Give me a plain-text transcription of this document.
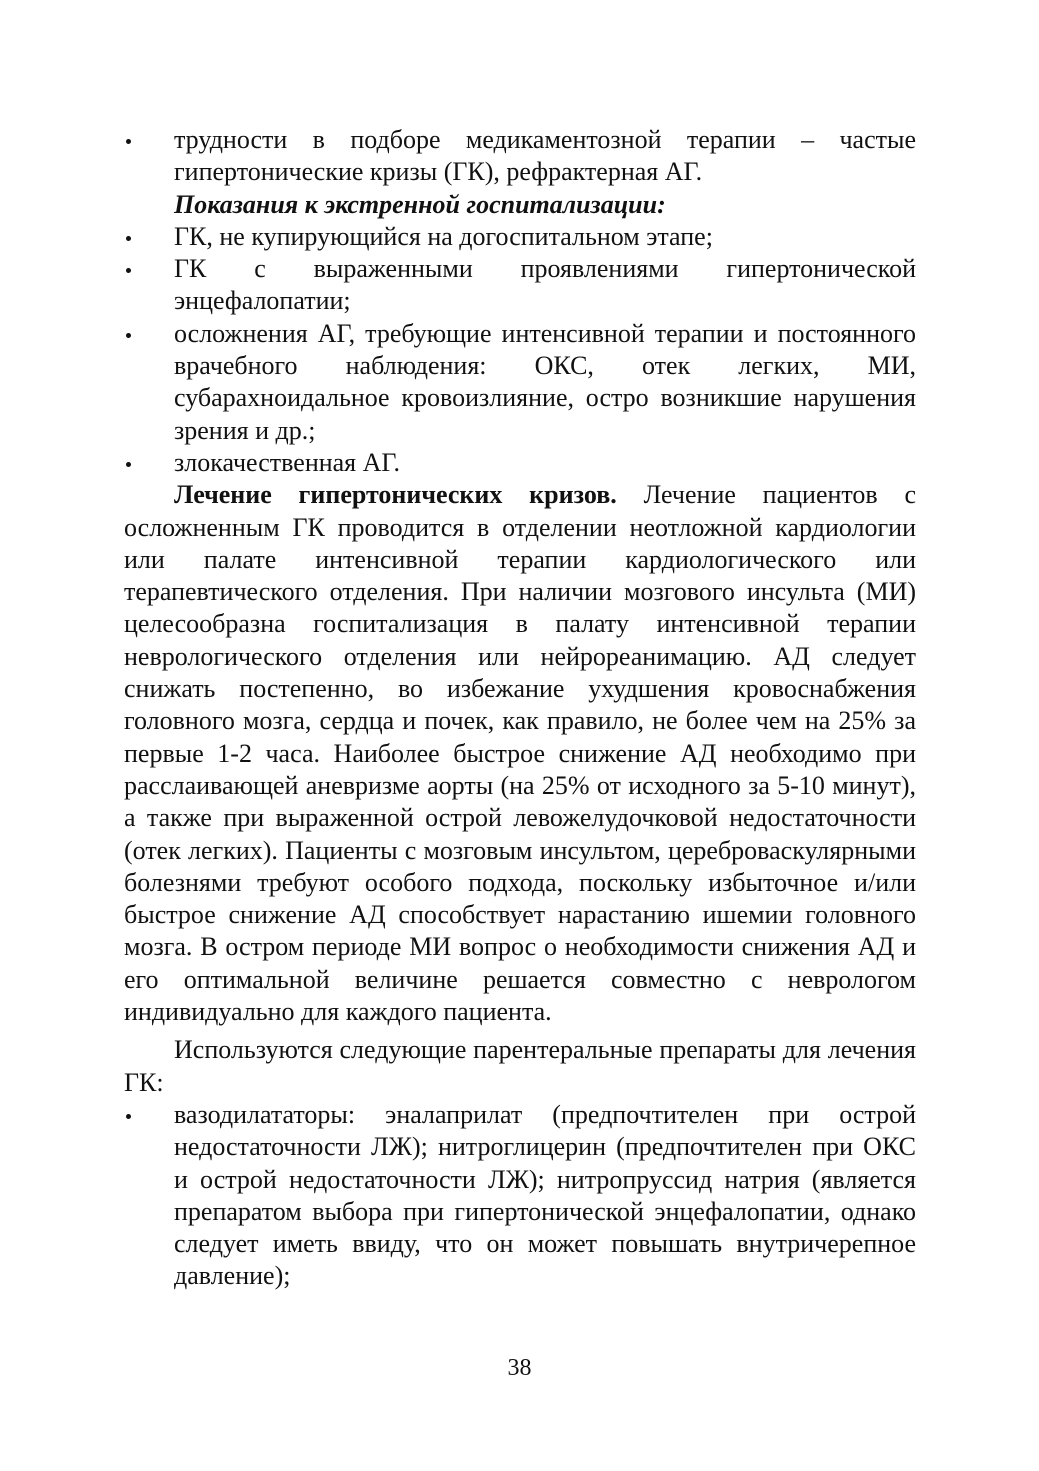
трудности в подборе медикаментозной терапии – частые гипертонические кризы (ГК), рефрактерная АГ.
Показания к экстренной госпитализации:
ГК, не купирующийся на догоспитальном этапе;
ГК с выраженными проявлениями гипертонической энцефалопатии;
осложнения АГ, требующие интенсивной терапии и постоянного врачебного наблюдения: ОКС, отек легких, МИ, субарахноидальное кровоизлияние, остро возникшие нарушения зрения и др.;
злокачественная АГ.

Лечение гипертонических кризов. Лечение пациентов с осложненным ГК проводится в отделении неотложной кардиологии или палате интенсивной терапии кардиологического или терапевтического отделения. При наличии мозгового инсульта (МИ) целесообразна госпитализация в палату интенсивной терапии неврологического отделения или нейрореанимацию. АД следует снижать постепенно, во избежание ухудшения кровоснабжения головного мозга, сердца и почек, как правило, не более чем на 25% за первые 1-2 часа. Наиболее быстрое снижение АД необходимо при расслаивающей аневризме аорты (на 25% от исходного за 5-10 минут), а также при выраженной острой левожелудочковой недостаточности (отек легких). Пациенты с мозговым инсультом, цереброваскулярными болезнями требуют особого подхода, поскольку избыточное и/или быстрое снижение АД способствует нарастанию ишемии головного мозга. В остром периоде МИ вопрос о необходимости снижения АД и его оптимальной величине решается совместно с неврологом индивидуально для каждого пациента.

Используются следующие парентеральные препараты для лечения ГК:

вазодилататоры: эналаприлат (предпочтителен при острой недостаточности ЛЖ); нитроглицерин (предпочтителен при ОКС и острой недостаточности ЛЖ); нитропруссид натрия (является препаратом выбора при гипертонической энцефалопатии, однако следует иметь ввиду, что он может повышать внутричерепное давление);
38
